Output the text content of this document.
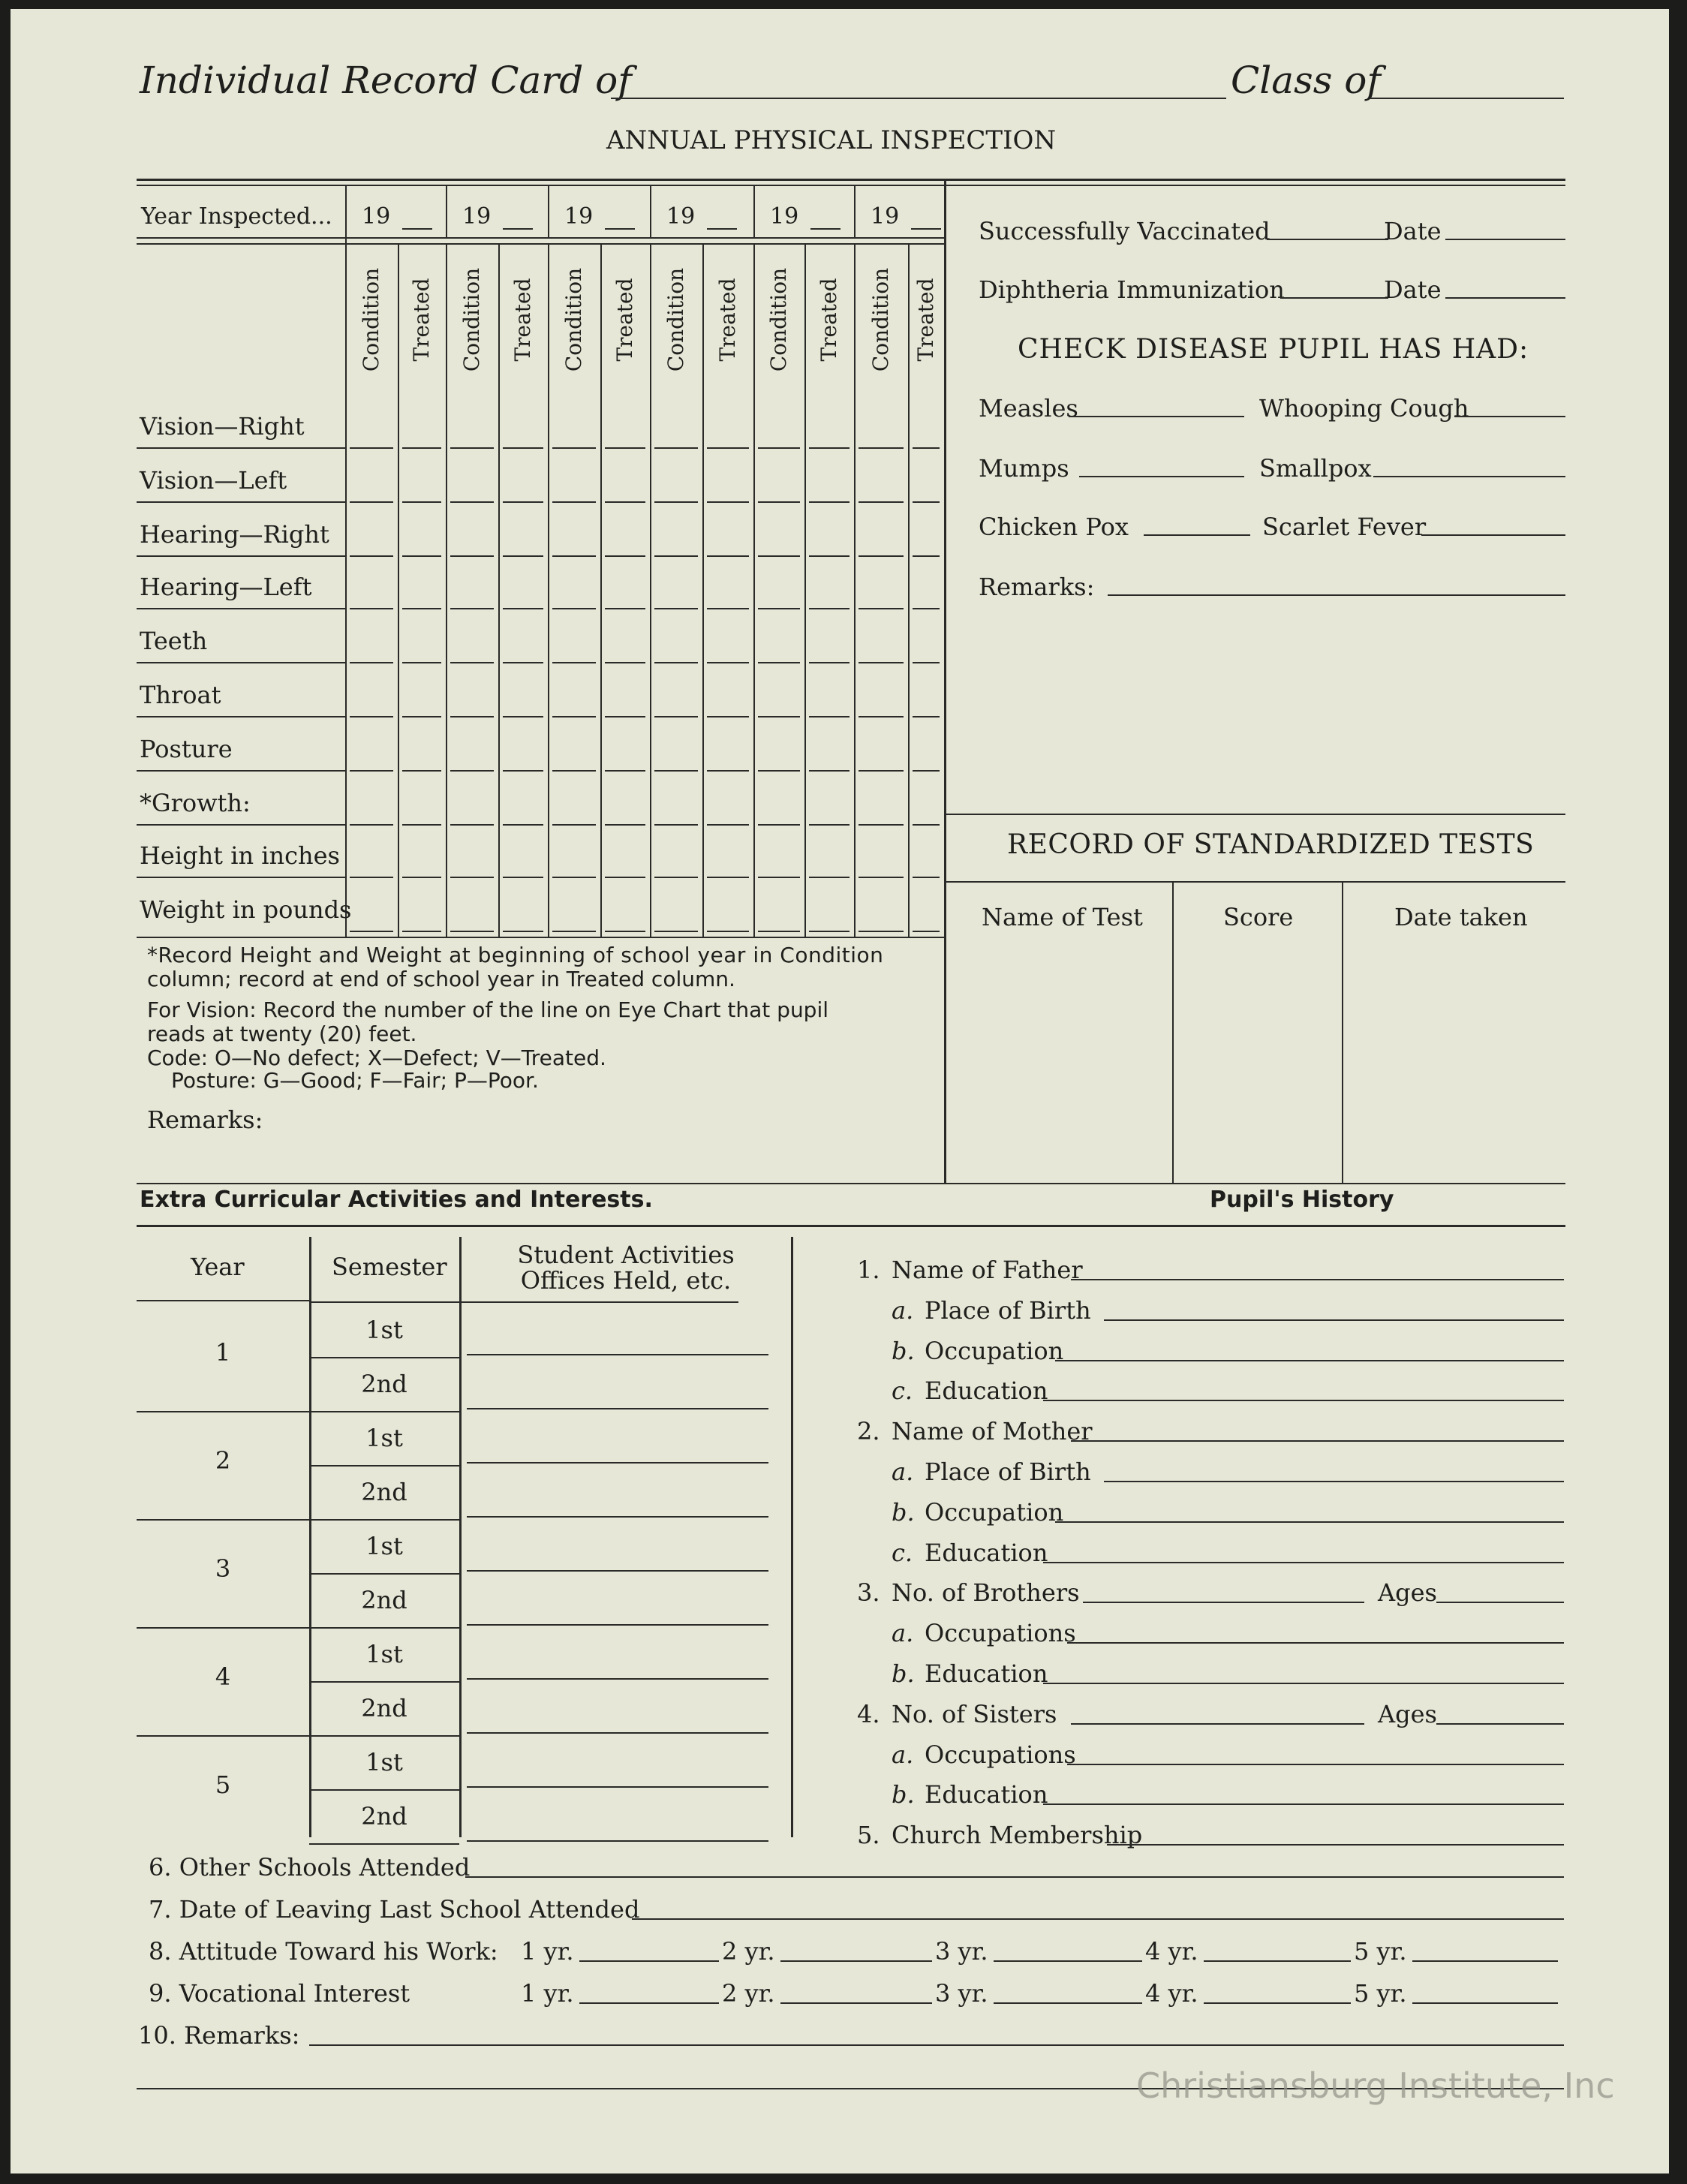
Individual Record Card of	Class of
ANNUAL PHYSICAL INSPECTION
Year Inspected... 19	19	19	19	19	19
Condition Treated Condition Treated Condition Treated Condition Treated Condition Treated Condition Treated
Vision—Right
Vision—Left
Hearing—Right
Hearing—Left
Teeth
Throat
Posture
*Growth:
Height in inches
Weight in pounds
*Record Height and Weight at beginning of school year in Condition
column; record at end of school year in Treated column.
For Vision: Record the number of the line on Eye Chart that pupil
reads at twenty (20) feet.
Code: O—No defect; X—Defect; V—Treated.
Posture: G—Good; F—Fair; P—Poor.
Remarks:
Successfully Vaccinated	Date
Diphtheria Immunization	Date
CHECK DISEASE PUPIL HAS HAD:
Measles	Whooping Cough
Mumps	Smallpox
Chicken Pox	Scarlet Fever
Remarks:
RECORD OF STANDARDIZED TESTS
Name of Test	Score	Date taken
Extra Curricular Activities and Interests.	Pupil's History
Year	Semester	Student Activities
Offices Held, etc.
1
1st
2nd
2
1st
2nd
3
1st
2nd
4
1st
2nd
5
1st
2nd
1. Name of Father
a. Place of Birth
b. Occupation
c. Education
2. Name of Mother
a. Place of Birth
b. Occupation
c. Education
3. No. of Brothers	Ages
a. Occupations
b. Education
4. No. of Sisters	Ages
a. Occupations
b. Education
5. Church Membership
6. Other Schools Attended
7. Date of Leaving Last School Attended
8. Attitude Toward his Work: 1 yr.	2 yr.	3 yr.	4 yr.	5 yr.
9. Vocational Interest	1 yr.	2 yr.	3 yr.	4 yr.	5 yr.
10. Remarks:
Christiansburg Institute, Inc
